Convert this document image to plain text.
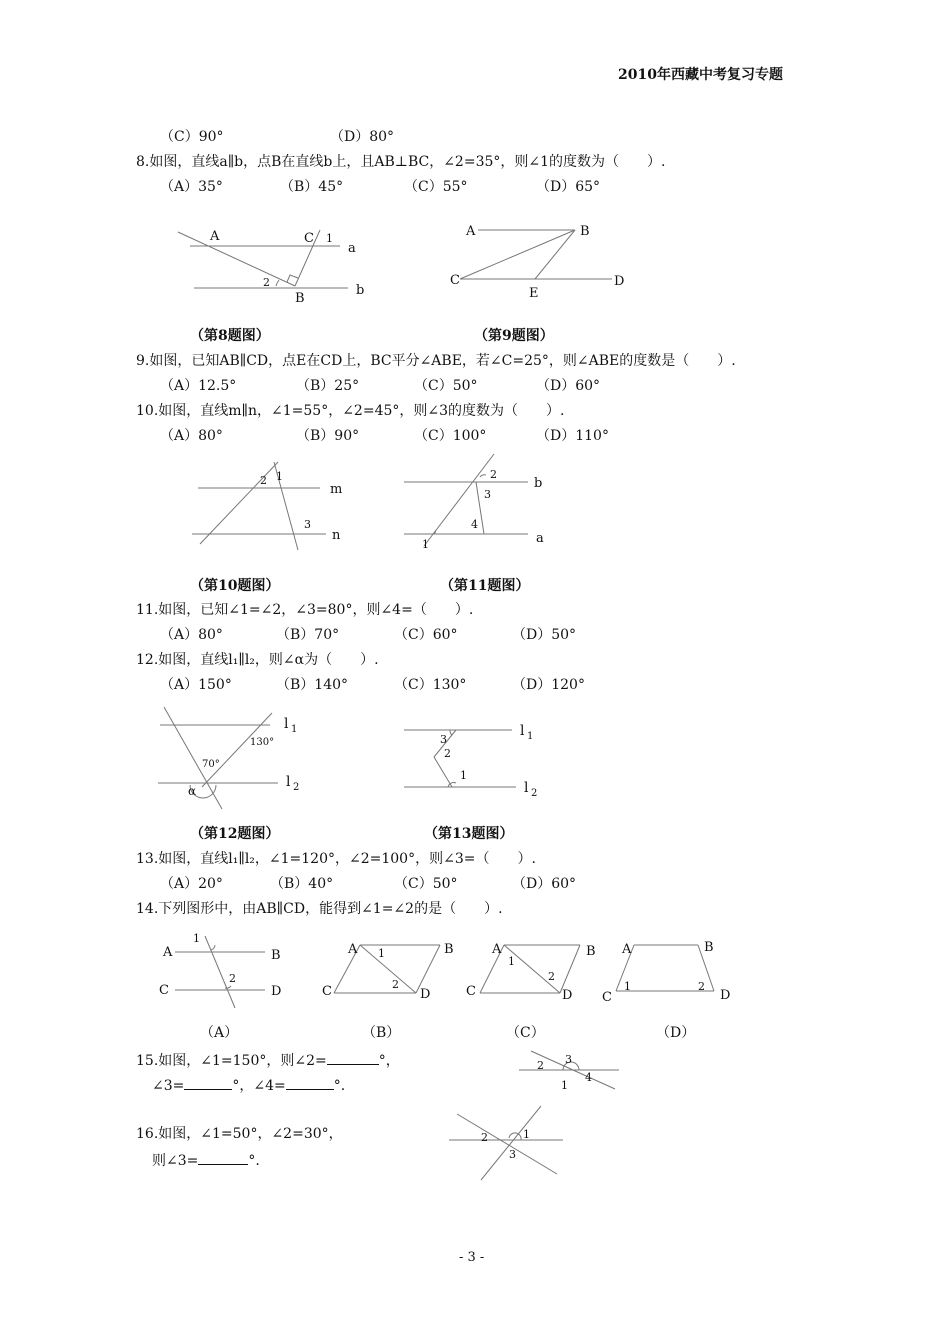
2010年西藏中考复习专题
（C）90°	（D）80°
8.如图，直线a∥b，点B在直线b上，且AB⊥BC，∠2=35°，则∠1的度数为（　　）.
（A）35°	（B）45°	（C）55°	（D）65°
A	C 1
a
2
B
b
（第8题图）
A	B
C	D
E
（第9题图）
9.如图，已知AB∥CD，点E在CD上，BC平分∠ABE，若∠C=25°，则∠ABE的度数是（　　）.
（A）12.5°	（B）25°	（C）50°	（D）60°
10.如图，直线m∥n，∠1=55°，∠2=45°，则∠3的度数为（　　）.
（A）80°	（B）90°	（C）100°	（D）110°
2 1
3
m
n
（第10题图）
2
3
4
1
b
a
（第11题图）
11.如图，已知∠1=∠2，∠3=80°，则∠4=（　　）.
（A）80°	（B）70°	（C）60°	（D）50°
12.如图，直线l₁∥l₂，则∠α为（　　）.
（A）150°	（B）140°	（C）130°	（D）120°
130°
70°
α
l 1
l 2
（第12题图）
3
2
1
l 1
l 2
（第13题图）
13.如图，直线l₁∥l₂，∠1=120°，∠2=100°，则∠3=（　　）.
（A）20°	（B）40°	（C）50°	（D）60°
14.下列图形中，由AB∥CD，能得到∠1=∠2的是（　　）.
A	B
C	D
1
2
（A）
A	B
C	D
1
2
（B）
A	B
C	D
1
2
（C）
A	B
C	D
1	2
（D）
15.如图，∠1=150°，则∠2=	°，
∠3=	°，∠4=	°.
3
2
4
1
16.如图，∠1=50°，∠2=30°，
则∠3=	°.
2	1
3
- 3 -
